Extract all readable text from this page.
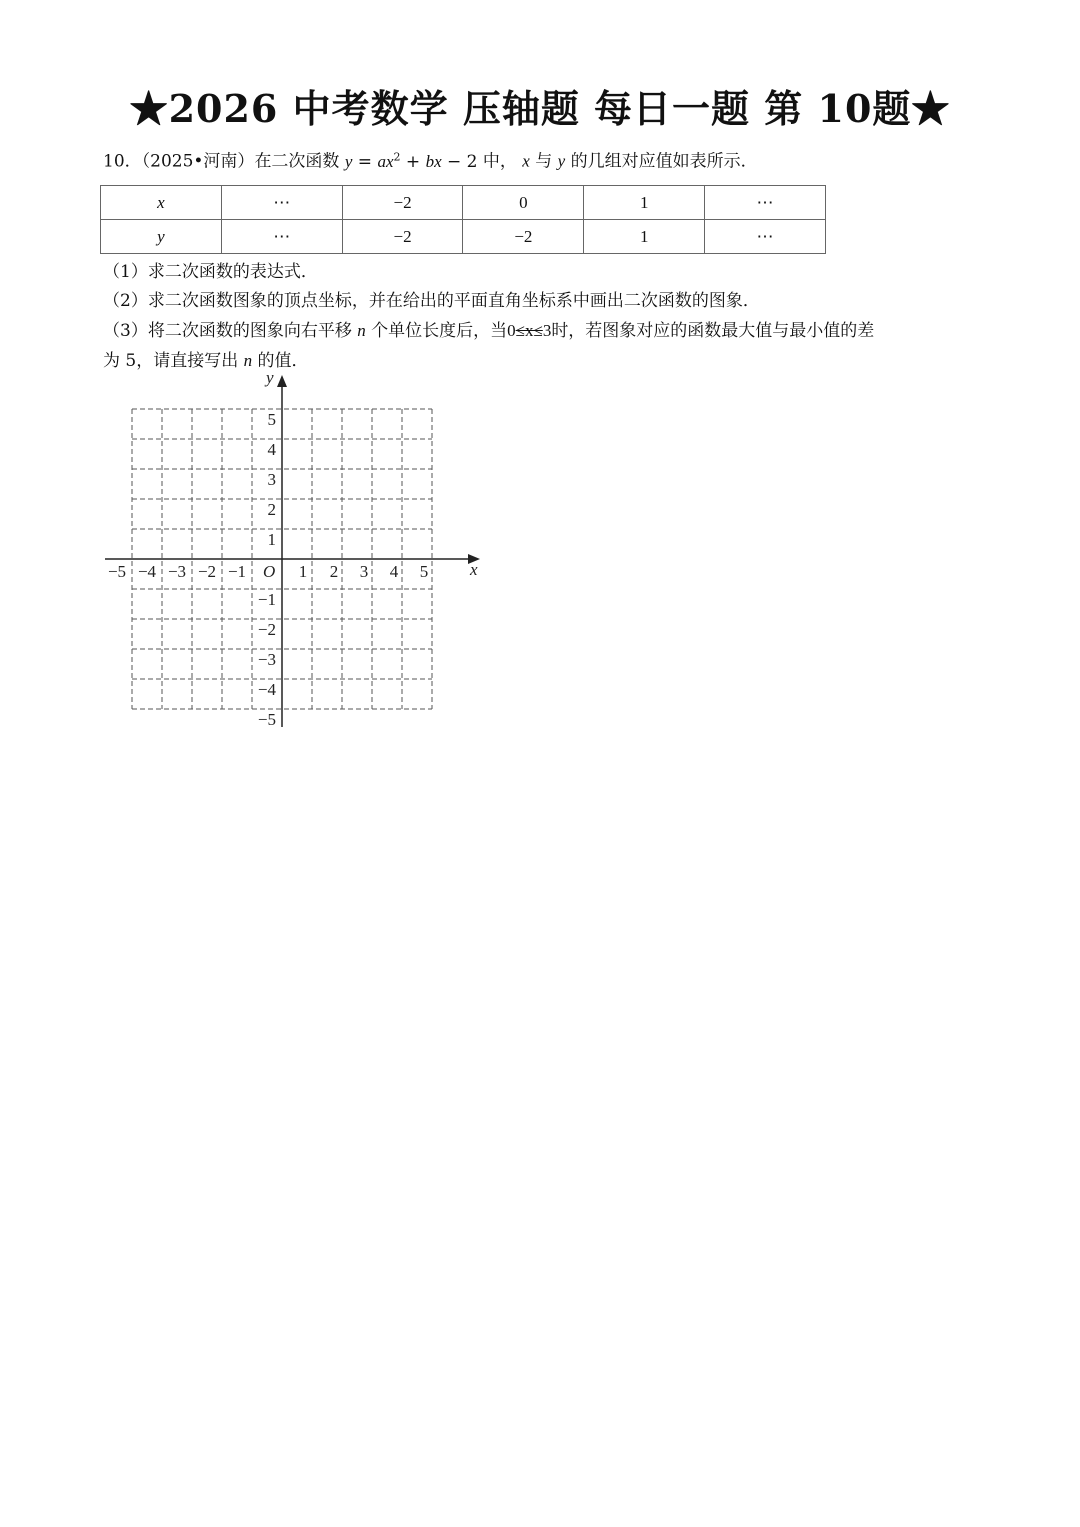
★2026 中考数学 压轴题 每日一题 第 10题★
10．（2025•河南）在二次函数 $y = ax^2$ + bx − 2 中， x 与 y 的几组对应值如表所示．
x	⋯	−2	0	1	⋯
y	⋯	−2	−2	1	⋯

（1）求二次函数的表达式．

（2）求二次函数图象的顶点坐标，并在给出的平面直角坐标系中画出二次函数的图象．

（3）将二次函数的图象向右平移 n 个单位长度后，当0≤x≤3时，若图象对应的函数最大值与最小值的差

为 5，请直接写出 n 的值．

x
y
O
−5 −4 −3 −2 −1	1 2 3 4 5
5
4
3
2
1
−1
−2
−3
−4
−5
